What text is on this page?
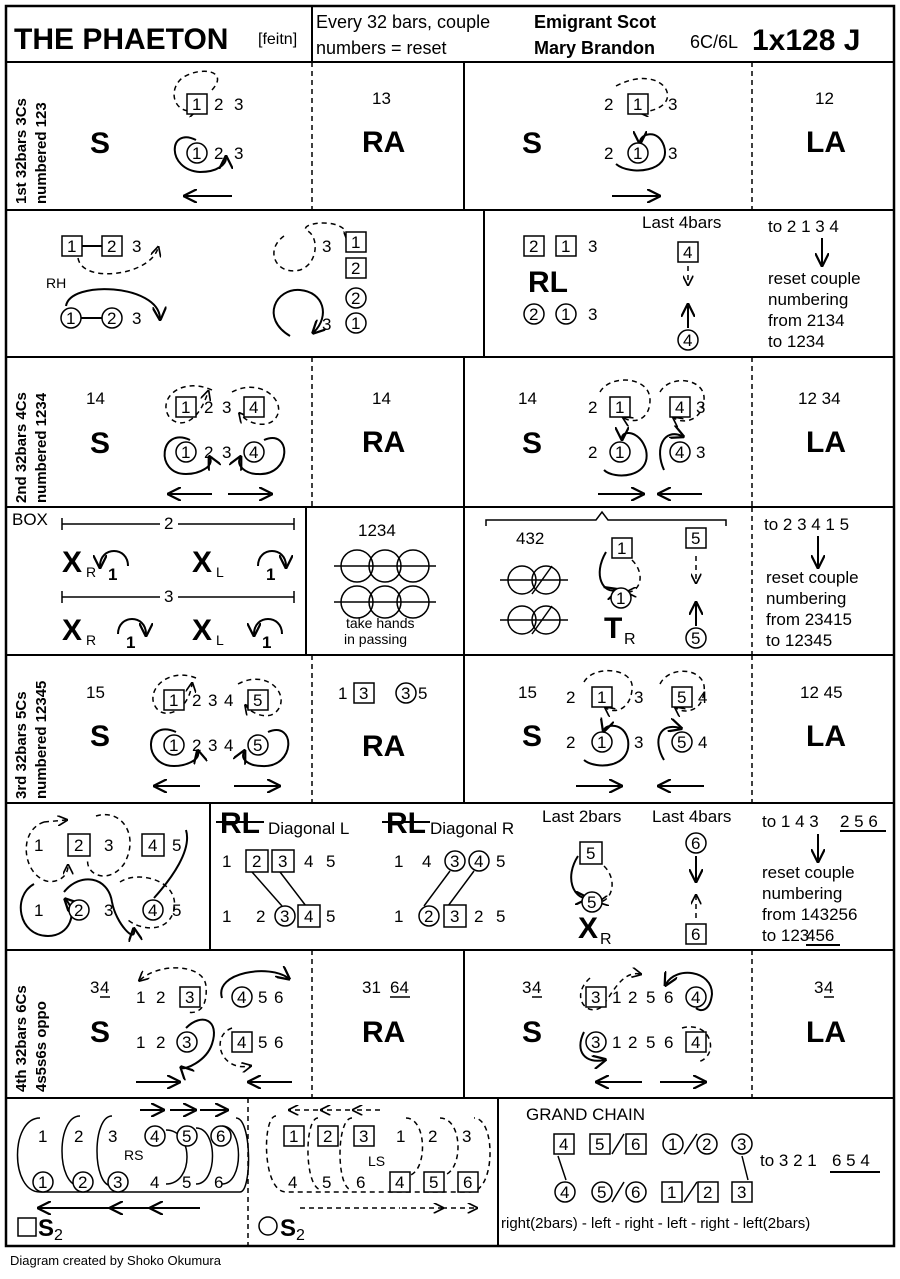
THE PHAETON [feitn]
Every 32 bars, couple
numbers = reset
Emigrant Scot
Mary Brandon 6C/6L 1x128 J
1st 32bars 3Cs numbered 123
2nd 32bars 4Cs numbered 1234
3rd 32bars 5Cs numbered 12345
4th 32bars 6Cs 4s5s6s oppo
S
1 2 3
1 2 3
13
RA	S
2 1 3
2 1 3
12
LA
1 2 3
RH
1 2 3
3 1
2
2
1
3
2 1 3
RL
2 1 3
Last 4bars
4
4
to 2 1 3 4
reset couple
numbering
from 2134
to 1234
14
S
1 2 3 4
1 2 3 4
14
RA
14
S
2 1	4 3
2 1	4 3
12 34
LA
BOX	2
X R 1 X L 1
3
X R 1 X L 1
1234
take hands
in passing
432
1
1
T R
5
5
to 2 3 4 1 5
reset couple
numbering
from 23415
to 12345
15
S
1 2 3 4 5
1 2 3 4 5
1 3 3 5
RA
15
S
2 1 3 5 4
2 1 3 5 4
12 45
LA
1 2 3 4 5
1 2 3 4 5
RL Diagonal L
1 2 3 4 5
1 2 3 4 5
RL Diagonal R
1 4 3 4 5
1 2 3 2 5
Last 2bars Last 4bars
5
5
X R
6
6
to 1 4 3 2 5 6
reset couple
numbering
from 143256
to 123
456
3 4
S
1 2 3	4 5 6
1 2 3	4 5 6
31 64
RA
3 4
S
3 1 2 5 6 4
3 1 2 5 6 4
3 4
LA
1 2 3 4 5 6
RS
1 2 3 4 5 6
S 2
1 2 3 1 2 3
LS
4 5 6 4 5 6
S 2
GRAND CHAIN
4 5 6 1 2 3
to 3 2 1 6 5 4
4 5 6 1 2 3
right(2bars) - left - right - left - right - left(2bars)
Diagram created by Shoko Okumura
